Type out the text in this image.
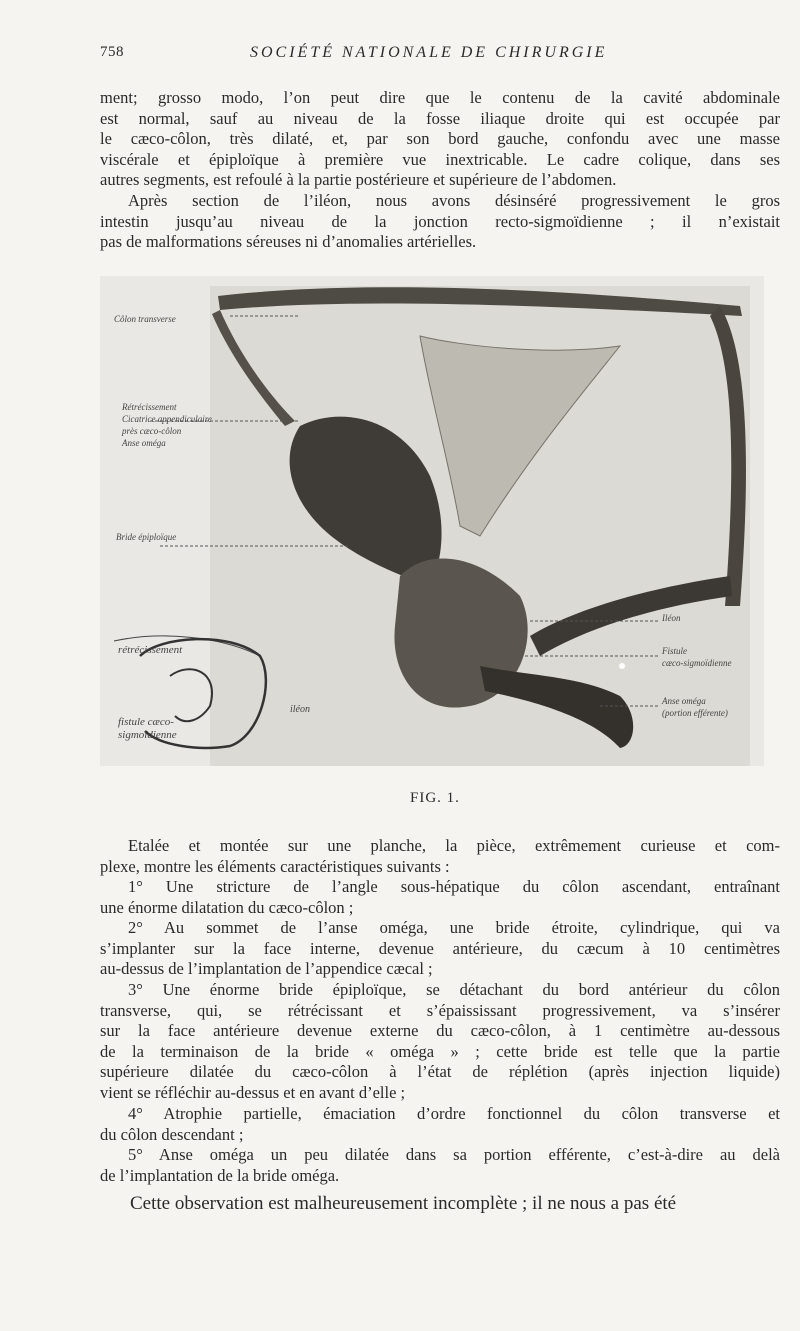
758	SOCIÉTÉ NATIONALE DE CHIRURGIE
ment; grosso modo, l’on peut dire que le contenu de la cavité abdominale
est normal, sauf au niveau de la fosse iliaque droite qui est occupée par
le cæco-côlon, très dilaté, et, par son bord gauche, confondu avec une masse
viscérale et épiploïque à première vue inextricable. Le cadre colique, dans ses
autres segments, est refoulé à la partie postérieure et supérieure de l’abdomen.
Après section de l’iléon, nous avons désinséré progressivement le gros
intestin jusqu’au niveau de la jonction recto-sigmoïdienne ; il n’existait
pas de malformations séreuses ni d’anomalies artérielles.
Côlon transverse
Rétrécissement
Cicatrice appendiculaire
près cæco-côlon
Anse oméga
Bride épiploïque
Iléon
Fistule
cæco-sigmoïdienne
Anse oméga
(portion efférente)
rétrécissement
iléon
fistule cæco-
sigmoïdienne
FIG. 1.
Etalée et montée sur une planche, la pièce, extrêmement curieuse et com-
plexe, montre les éléments caractéristiques suivants :
1° Une stricture de l’angle sous-hépatique du côlon ascendant, entraînant
une énorme dilatation du cæco-côlon ;
2° Au sommet de l’anse oméga, une bride étroite, cylindrique, qui va
s’implanter sur la face interne, devenue antérieure, du cæcum à 10 centimètres
au-dessus de l’implantation de l’appendice cæcal ;
3° Une énorme bride épiploïque, se détachant du bord antérieur du côlon
transverse, qui, se rétrécissant et s’épaississant progressivement, va s’insérer
sur la face antérieure devenue externe du cæco-côlon, à 1 centimètre au-dessous
de la terminaison de la bride « oméga » ; cette bride est telle que la partie
supérieure dilatée du cæco-côlon à l’état de réplétion (après injection liquide)
vient se réfléchir au-dessus et en avant d’elle ;
4° Atrophie partielle, émaciation d’ordre fonctionnel du côlon transverse et
du côlon descendant ;
5° Anse oméga un peu dilatée dans sa portion efférente, c’est-à-dire au delà
de l’implantation de la bride oméga.
Cette observation est malheureusement incomplète ; il ne nous a pas été
